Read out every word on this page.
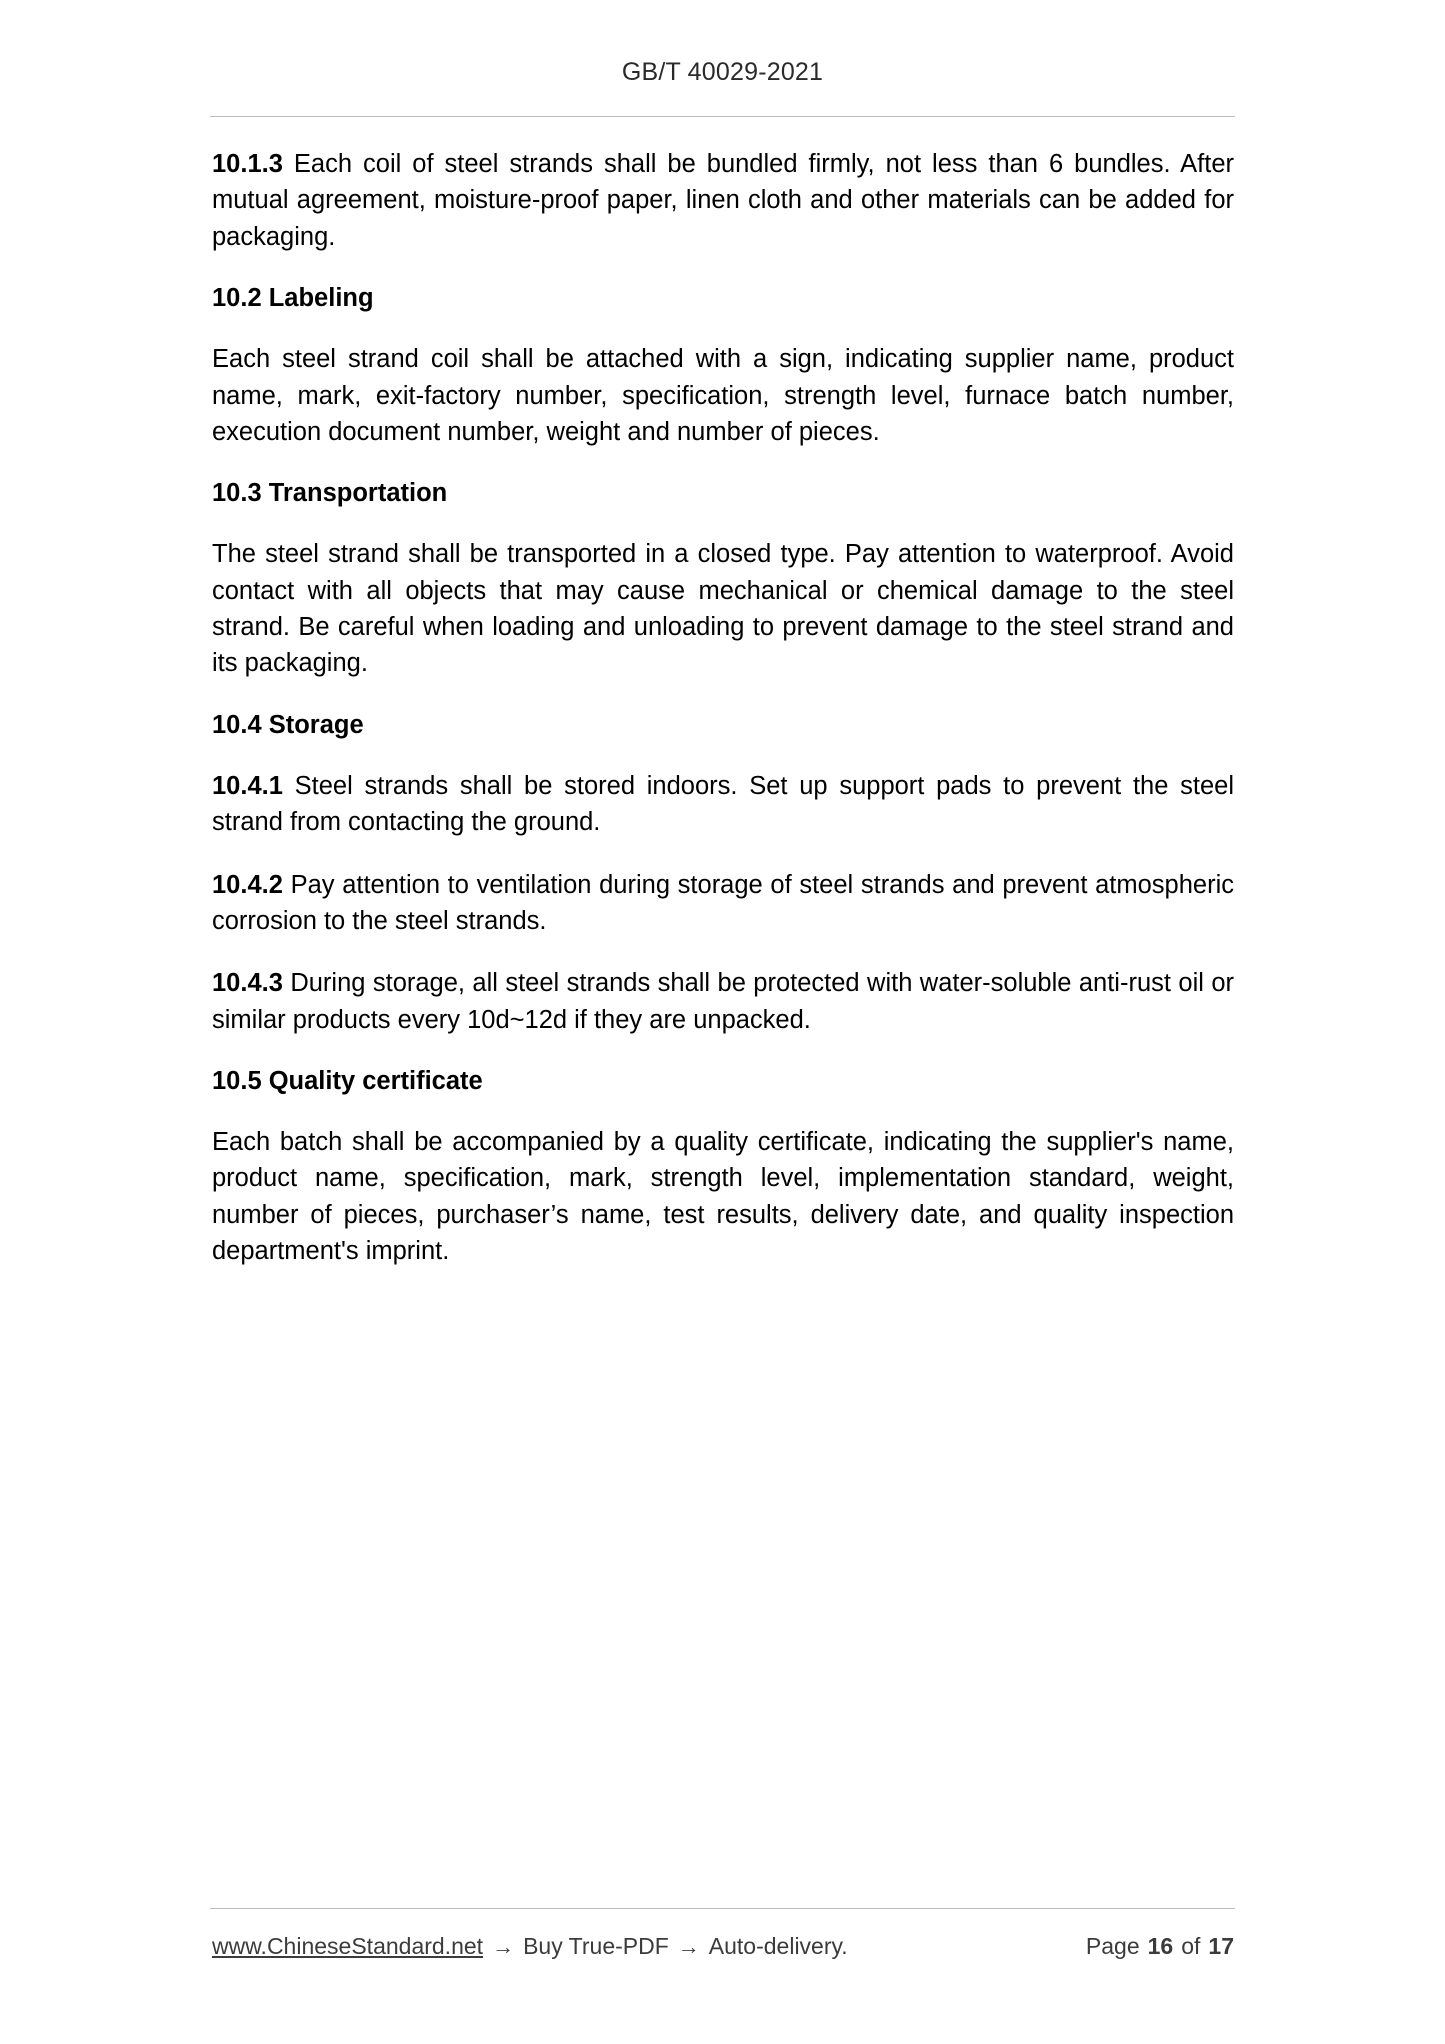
GB/T 40029-2021

10.1.3 Each coil of steel strands shall be bundled firmly, not less than 6 bundles. After mutual agreement, moisture-proof paper, linen cloth and other materials can be added for packaging.

10.2 Labeling

Each steel strand coil shall be attached with a sign, indicating supplier name, product name, mark, exit-factory number, specification, strength level, furnace batch number, execution document number, weight and number of pieces.

10.3 Transportation

The steel strand shall be transported in a closed type. Pay attention to waterproof. Avoid contact with all objects that may cause mechanical or chemical damage to the steel strand. Be careful when loading and unloading to prevent damage to the steel strand and its packaging.

10.4 Storage

10.4.1 Steel strands shall be stored indoors. Set up support pads to prevent the steel strand from contacting the ground.

10.4.2 Pay attention to ventilation during storage of steel strands and prevent atmospheric corrosion to the steel strands.

10.4.3 During storage, all steel strands shall be protected with water-soluble anti-rust oil or similar products every 10d~12d if they are unpacked.

10.5 Quality certificate

Each batch shall be accompanied by a quality certificate, indicating the supplier's name, product name, specification, mark, strength level, implementation standard, weight, number of pieces, purchaser’s name, test results, delivery date, and quality inspection department's imprint.

www.ChineseStandard.net → Buy True-PDF → Auto-delivery.	Page 16 of 17
